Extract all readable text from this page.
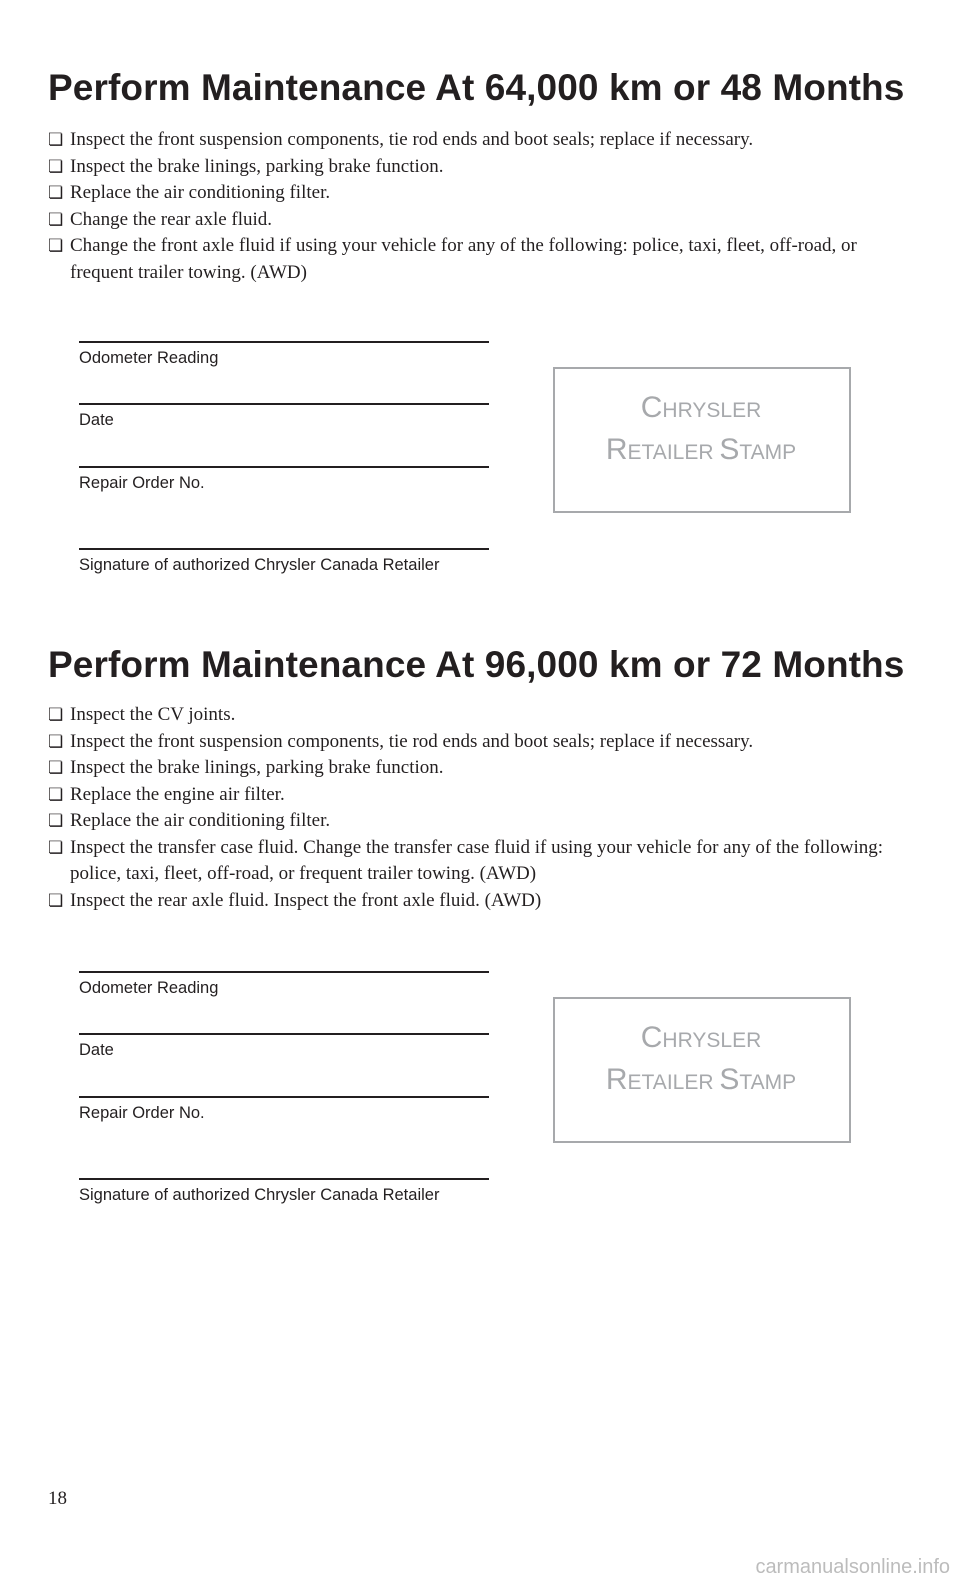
Perform Maintenance At 64,000 km or 48 Months
❏ Inspect the front suspension components, tie rod ends and boot seals; replace if necessary.
❏ Inspect the brake linings, parking brake function.
❏ Replace the air conditioning filter.
❏ Change the rear axle fluid.
❏ Change the front axle fluid if using your vehicle for any of the following: police, taxi, fleet, off-road, or frequent trailer towing. (AWD)
Odometer Reading
Date
Repair Order No.
Signature of authorized Chrysler Canada Retailer
CHRYSLER
RETAILER STAMP
Perform Maintenance At 96,000 km or 72 Months
❏ Inspect the CV joints.
❏ Inspect the front suspension components, tie rod ends and boot seals; replace if necessary.
❏ Inspect the brake linings, parking brake function.
❏ Replace the engine air filter.
❏ Replace the air conditioning filter.
❏ Inspect the transfer case fluid. Change the transfer case fluid if using your vehicle for any of the following: police, taxi, fleet, off-road, or frequent trailer towing. (AWD)
❏ Inspect the rear axle fluid. Inspect the front axle fluid. (AWD)
Odometer Reading
Date
Repair Order No.
Signature of authorized Chrysler Canada Retailer
CHRYSLER
RETAILER STAMP
18
carmanualsonline.info
